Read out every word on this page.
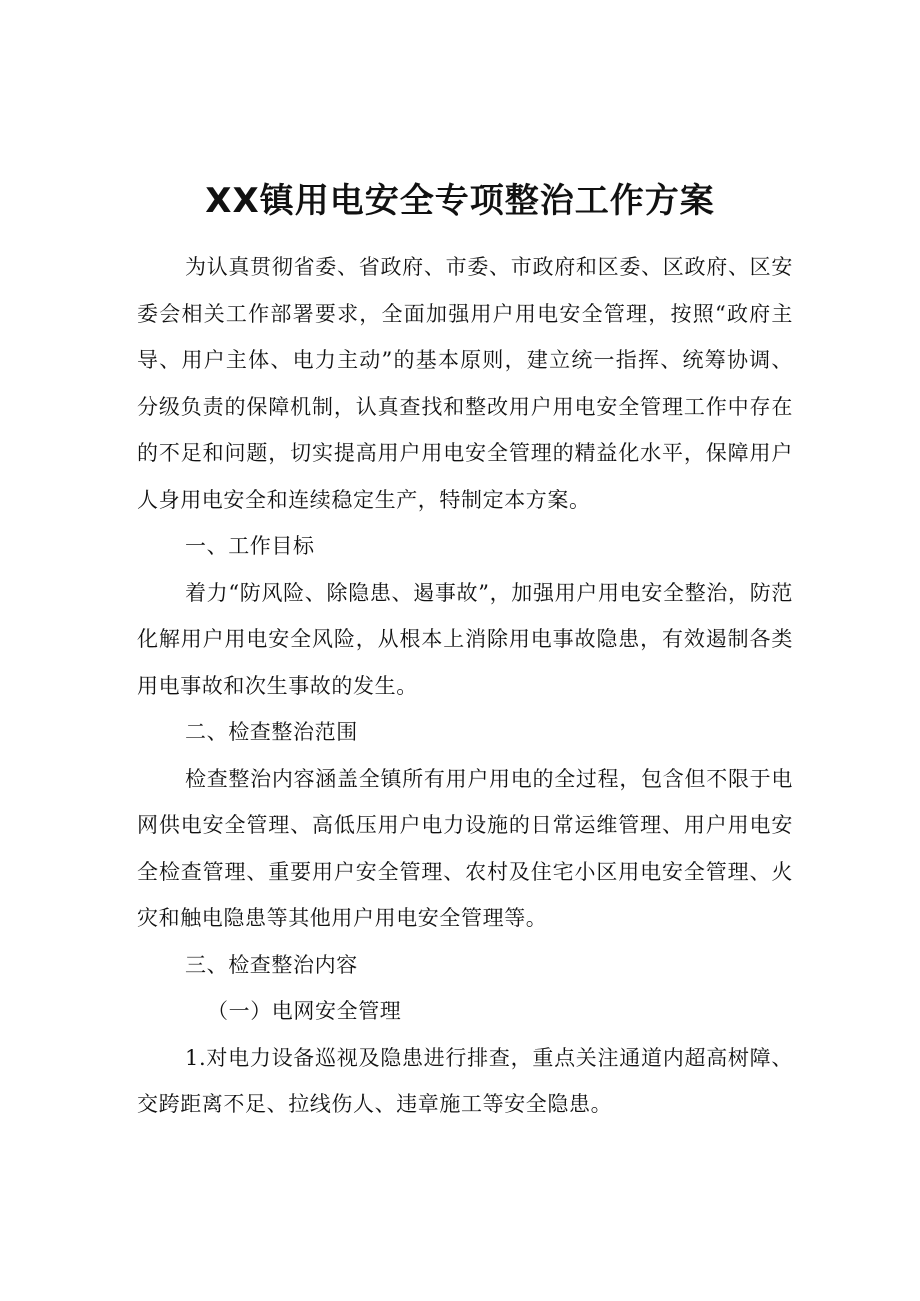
XX镇用电安全专项整治工作方案

为认真贯彻省委、省政府、市委、市政府和区委、区政府、区安委会相关工作部署要求，全面加强用户用电安全管理，按照“政府主导、用户主体、电力主动”的基本原则，建立统一指挥、统筹协调、分级负责的保障机制，认真查找和整改用户用电安全管理工作中存在的不足和问题，切实提高用户用电安全管理的精益化水平，保障用户人身用电安全和连续稳定生产，特制定本方案。

一、工作目标

着力“防风险、除隐患、遏事故”，加强用户用电安全整治，防范化解用户用电安全风险，从根本上消除用电事故隐患，有效遏制各类用电事故和次生事故的发生。

二、检查整治范围

检查整治内容涵盖全镇所有用户用电的全过程，包含但不限于电网供电安全管理、高低压用户电力设施的日常运维管理、用户用电安全检查管理、重要用户安全管理、农村及住宅小区用电安全管理、火灾和触电隐患等其他用户用电安全管理等。

三、检查整治内容

（一）电网安全管理

1.对电力设备巡视及隐患进行排查，重点关注通道内超高树障、交跨距离不足、拉线伤人、违章施工等安全隐患。
